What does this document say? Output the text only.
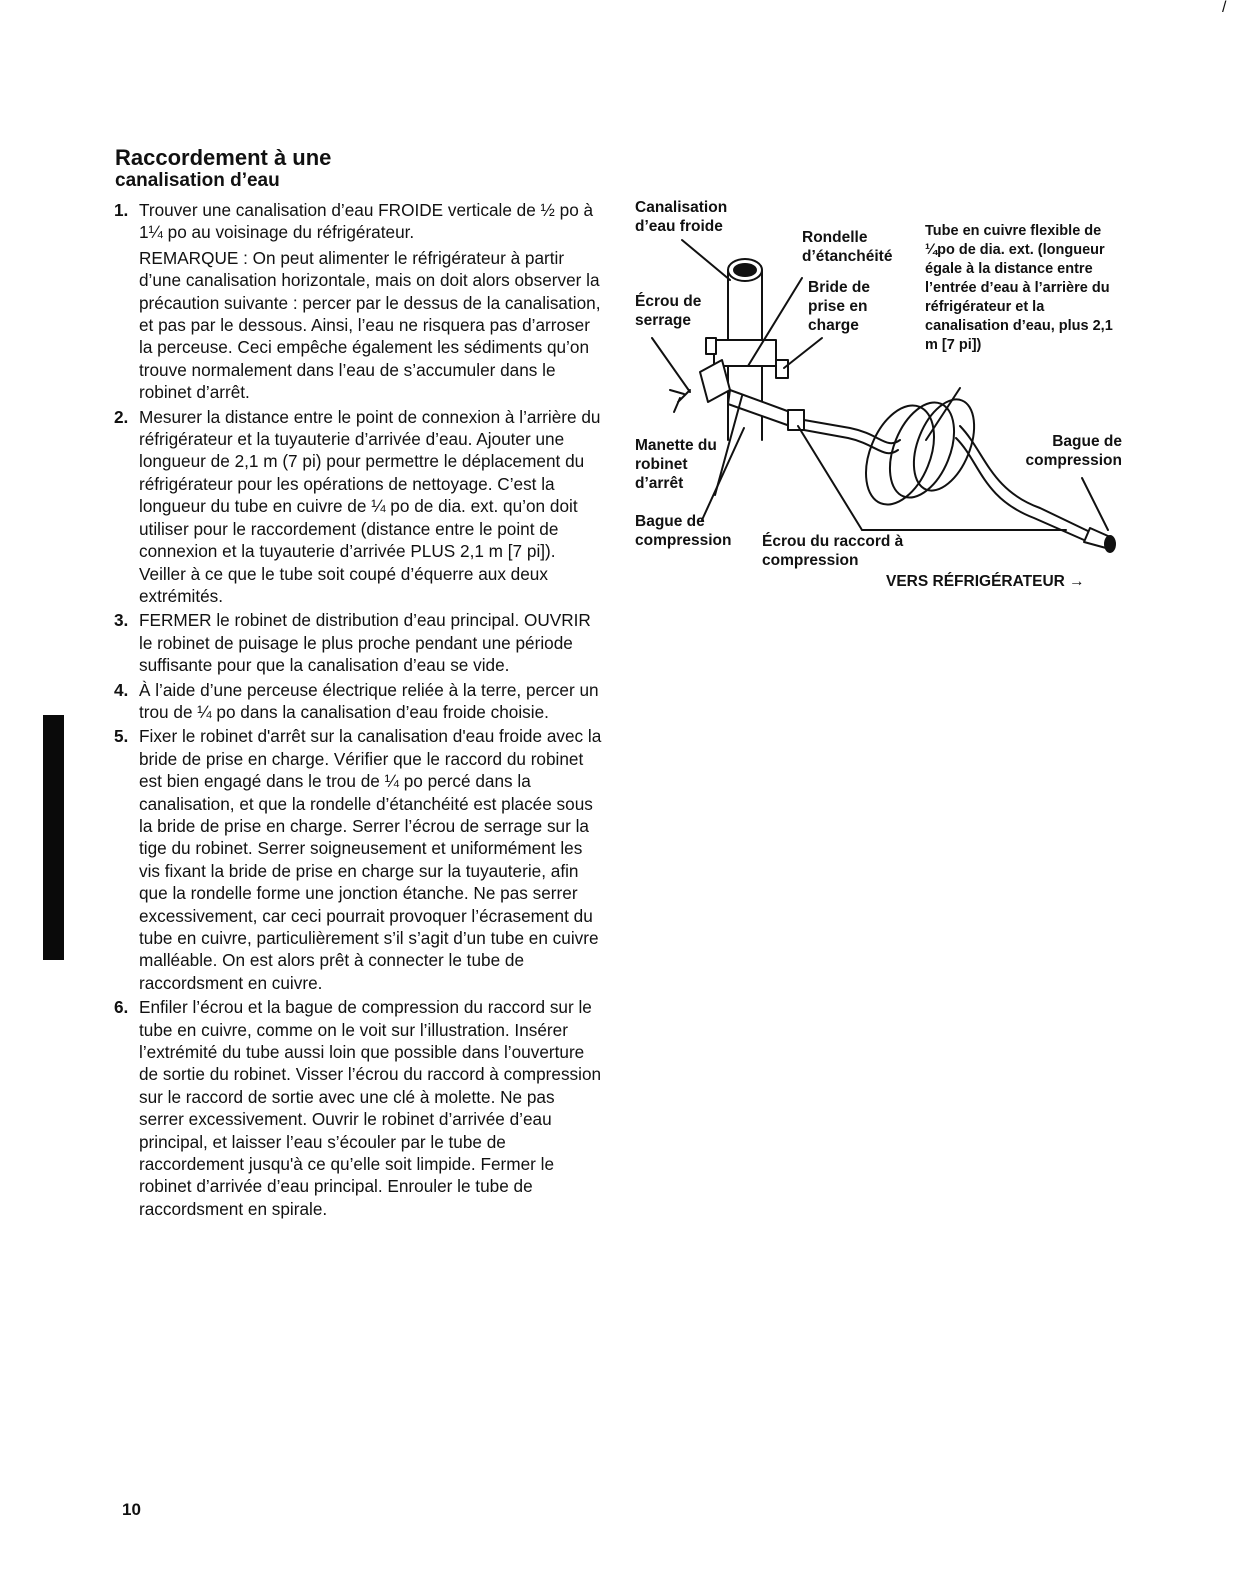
/
Raccordement à une
canalisation d’eau
1. Trouver une canalisation d’eau FROIDE verticale de ½ po à 1¼ po au voisinage du réfrigérateur.

REMARQUE : On peut alimenter le réfrigérateur à partir d’une canalisation horizontale, mais on doit alors observer la précaution suivante : percer par le dessus de la canalisation, et pas par le dessous. Ainsi, l’eau ne risquera pas d’arroser la perceuse. Ceci empêche également les sédiments qu’on trouve normalement dans l’eau de s’accumuler dans le robinet d’arrêt.

2. Mesurer la distance entre le point de connexion à l’arrière du réfrigérateur et la tuyauterie d’arrivée d’eau. Ajouter une longueur de 2,1 m (7 pi) pour permettre le déplacement du réfrigérateur pour les opérations de nettoyage. C’est la longueur du tube en cuivre de ¼ po de dia. ext. qu’on doit utiliser pour le raccordement (distance entre le point de connexion et la tuyauterie d’arrivée PLUS 2,1 m [7 pi]). Veiller à ce que le tube soit coupé d’équerre aux deux extrémités.

3. FERMER le robinet de distribution d’eau principal. OUVRIR le robinet de puisage le plus proche pendant une période suffisante pour que la canalisation d’eau se vide.

4. À l’aide d’une perceuse électrique reliée à la terre, percer un trou de ¼ po dans la canalisation d’eau froide choisie.

5. Fixer le robinet d'arrêt sur la canalisation d'eau froide avec la bride de prise en charge. Vérifier que le raccord du robinet est bien engagé dans le trou de ¼ po percé dans la canalisation, et que la rondelle d’étanchéité est placée sous la bride de prise en charge. Serrer l’écrou de serrage sur la tige du robinet. Serrer soigneusement et uniformément les vis fixant la bride de prise en charge sur la tuyauterie, afin que la rondelle forme une jonction étanche. Ne pas serrer excessivement, car ceci pourrait provoquer l’écrasement du tube en cuivre, particulièrement s’il s’agit d’un tube en cuivre malléable. On est alors prêt à connecter le tube de raccordsment en cuivre.

6. Enfiler l’écrou et la bague de compression du raccord sur le tube en cuivre, comme on le voit sur l’illustration. Insérer l’extrémité du tube aussi loin que possible dans l’ouverture de sortie du robinet. Visser l’écrou du raccord à compression sur le raccord de sortie avec une clé à molette. Ne pas serrer excessivement. Ouvrir le robinet d’arrivée d’eau principal, et laisser l’eau s’écouler par le tube de raccordement jusqu'à ce qu’elle soit limpide. Fermer le robinet d’arrivée d’eau principal. Enrouler le tube de raccordsment en spirale.

Canalisation d’eau froide
Rondelle d’étanchéité
Tube en cuivre flexible de ¼po de dia. ext. (longueur égale à la distance entre l’entrée d’eau à l’arrière du réfrigérateur et la canalisation d’eau, plus 2,1 m [7 pi])
Écrou de serrage
Bride de prise en charge
Manette du robinet d’arrêt
Bague de compression
Bague de compression	Écrou du raccord à compression
VERS RÉFRIGÉRATEUR →
10
